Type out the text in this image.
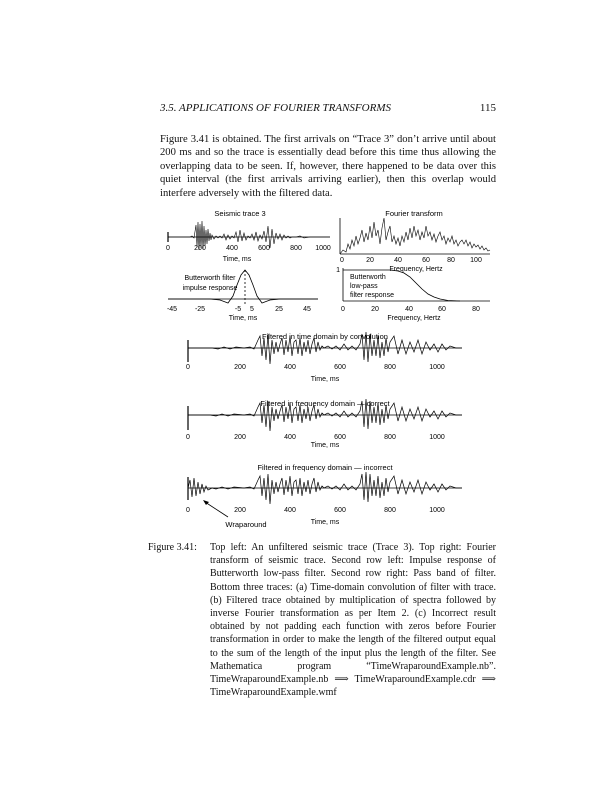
3.5. APPLICATIONS OF FOURIER TRANSFORMS	115

Figure 3.41 is obtained. The first arrivals on “Trace 3” don’t arrive until about 200 ms and so the trace is essentially dead before this time thus allowing the overlapping data to be seen. If, however, there happened to be data over this quiet interval (the first arrivals arriving earlier), then this overlap would interfere adversely with the filtered data.

Seismic trace 3
Time, ms
0	200	400	600	800 1000
Fourier transform
Frequency, Hertz
0	20	40	60 80 100
Butterworth filter
impulse response
Time, ms
-45	-25	-5 5	25	45
1
Butterworth
low-pass
filter response
Frequency, Hertz
0	20	40	60	80
Filtered in time domain by convolution
Time, ms
0	200	400	600	800	1000
Filtered in frequency domain — correct
Time, ms
0	200	400	600	800	1000
Filtered in frequency domain — incorrect
Time, ms
Wraparound
0	200	400	600	800	1000
Figure 3.41:	Top left: An unfiltered seismic trace (Trace 3). Top right: Fourier transform of seismic trace. Second row left: Impulse response of Butterworth low-pass filter. Second row right: Pass band of filter. Bottom three traces: (a) Time-domain convolution of filter with trace. (b) Filtered trace obtained by multiplication of spectra followed by inverse Fourier transformation as per Item 2. (c) Incorrect result obtained by not padding each function with zeros before Fourier transformation in order to make the length of the filtered output equal to the sum of the length of the input plus the length of the filter. See Mathematica program “TimeWraparoundExample.nb”. TimeWraparoundExample.nb ⟹ TimeWraparoundExample.cdr ⟹ TimeWraparoundExample.wmf
